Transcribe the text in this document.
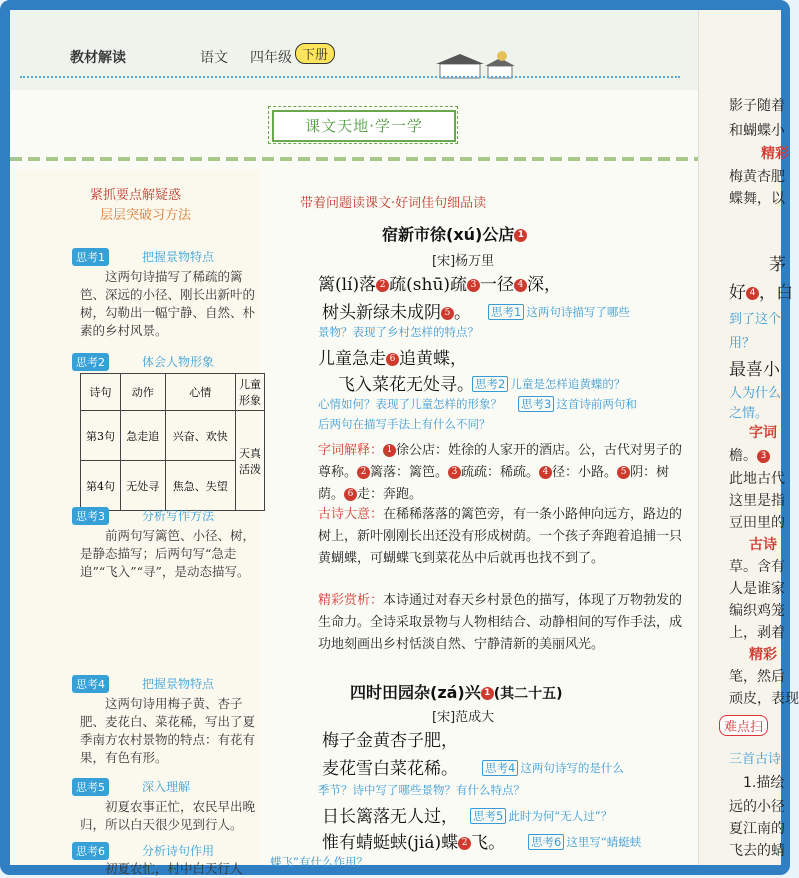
教材解读	语文 四年级 下册
课文天地·学一学
紧抓要点解疑惑
层层突破习方法
思考1	把握景物特点
这两句诗描写了稀疏的篱笆、深远的小径、刚长出新叶的树，勾勒出一幅宁静、自然、朴素的乡村风景。
思考2	体会人物形象
诗句	动作	心情	儿童形象
第3句	急走追	兴奋、欢快	天真活泼
第4句	无处寻	焦急、失望	
思考3	分析写作方法
前两句写篱笆、小径、树，是静态描写；后两句写“急走追”“飞入”“寻”，是动态描写。
思考4	把握景物特点
这两句诗用梅子黄、杏子肥、麦花白、菜花稀，写出了夏季南方农村景物的特点：有花有果，有色有形。
思考5	深入理解
初夏农事正忙，农民早出晚归，所以白天很少见到行人。
思考6	分析诗句作用
初夏农忙，村中白天行人
带着问题读课文·好词佳句细品读
宿新市徐(xú)公店 1
[宋]杨万里
篱(lí)落 2 疏(shū)疏 3 一径 4 深，
树头新绿未成阴 5 。 思考1 这两句诗描写了哪些
景物？表现了乡村怎样的特点？
儿童急走 6 追黄蝶，
飞入菜花无处寻。 思考2 儿童是怎样追黄蝶的？
心情如何？表现了儿童怎样的形象？ 思考3 这首诗前两句和
后两句在描写手法上有什么不同？
字词解释： 1 徐公店：姓徐的人家开的酒店。公，古代对男子的尊称。 2 篱落：篱笆。 3 疏疏：稀疏。 4 径：小路。 5 阴：树荫。 6 走：奔跑。
古诗大意：在稀稀落落的篱笆旁，有一条小路伸向远方，路边的树上，新叶刚刚长出还没有形成树荫。一个孩子奔跑着追捕一只黄蝴蝶，可蝴蝶飞到菜花丛中后就再也找不到了。
精彩赏析：本诗通过对春天乡村景色的描写，体现了万物勃发的生命力。全诗采取景物与人物相结合、动静相间的写作手法，成功地刻画出乡村恬淡自然、宁静清新的美丽风光。
四时田园杂(zá)兴 1 (其二十五)
[宋]范成大
梅子金黄杏子肥，
麦花雪白菜花稀。 思考4 这两句诗写的是什么
季节？诗中写了哪些景物？有什么特点？
日长篱落无人过， 思考5 此时为何“无人过”？
惟有蜻蜓蛱(jiá)蝶 2 飞。 思考6 这里写“蜻蜓蛱
蝶飞”有什么作用？
影子随着
和蝴蝶小
精彩
梅黄杏肥
蝶舞，以
茅
好 4 ，白
到了这个
用？
最喜小
人为什么
之情。
字词
檐。 3
此地古代
这里是指
豆田里的
古诗
草。含有
人是谁家
编织鸡笼
上，剥着
精彩
笔，然后
顽皮，表现
难点扫
三首古诗
1.描绘
远的小径
夏江南的
飞去的蜻
